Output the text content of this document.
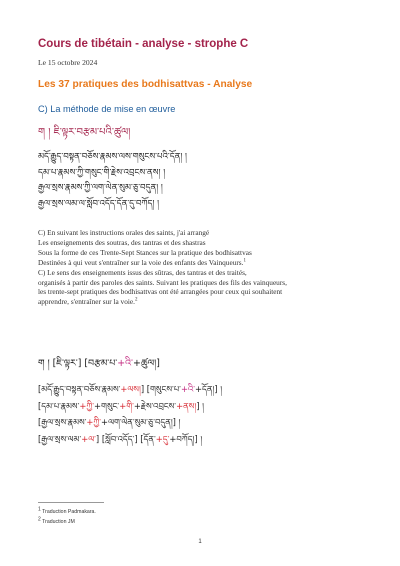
Cours de tibétain - analyse - strophe C
Le 15 octobre 2024
Les 37 pratiques des bodhisattvas - Analyse
C) La méthode de mise en œuvre
ག ། ཇི་ལྟར་བརྩམ་པའི་ཚུལ།
མདོ་རྒྱུད་བསྟན་བཅོས་རྣམས་ལས་གསུངས་པའི་དོན། །
དམ་པ་རྣམས་ཀྱི་གསུང་གི་རྗེས་འབྲངས་ནས། །
རྒྱལ་སྲས་རྣམས་ཀྱི་ལག་ལེན་སུམ་ཅུ་བདུན། །
རྒྱལ་སྲས་ལམ་ལ་སློབ་འདོད་དོན་དུ་བཀོད། །

C) En suivant les instructions orales des saints, j'ai arrangé

Les enseignements des soutras, des tantras et des shastras

Sous la forme de ces Trente-Sept Stances sur la pratique des bodhisattvas

Destinées à qui veut s'entraîner sur la voie des enfants des Vainqueurs.$^1$

C) Le sens des enseignements issus des sūtras, des tantras et des traités,

organisés à partir des paroles des saints. Suivant les pratiques des fils des vainqueurs,

les trente-sept pratiques des bodhisattvas ont été arrangées pour ceux qui souhaitent

apprendre, s'entraîner sur la voie.$^2$

ག ། [ཇི་ལྟར་] [བརྩམ་པ་+འི་+ཚུལ།]
[མདོ་རྒྱུད་བསྟན་བཅོས་རྣམས་+ལས།] [གསུངས་པ་+འི་+དོན།] །
[དམ་པ་རྣམས་+ཀྱི་+གསུང་+གི་+རྗེས་འབྲངས་+ནས།] །
[རྒྱལ་སྲས་རྣམས་+ཀྱི་+ལག་ལེན་སུམ་ཅུ་བདུན།] །
[རྒྱལ་སྲས་ལམ་+ལ་] [སློབ་འདོད་] [དོན་+དུ་+བཀོད།] །
$^1$ Traduction Padmakara.
$^2$ Traduction JM
1
